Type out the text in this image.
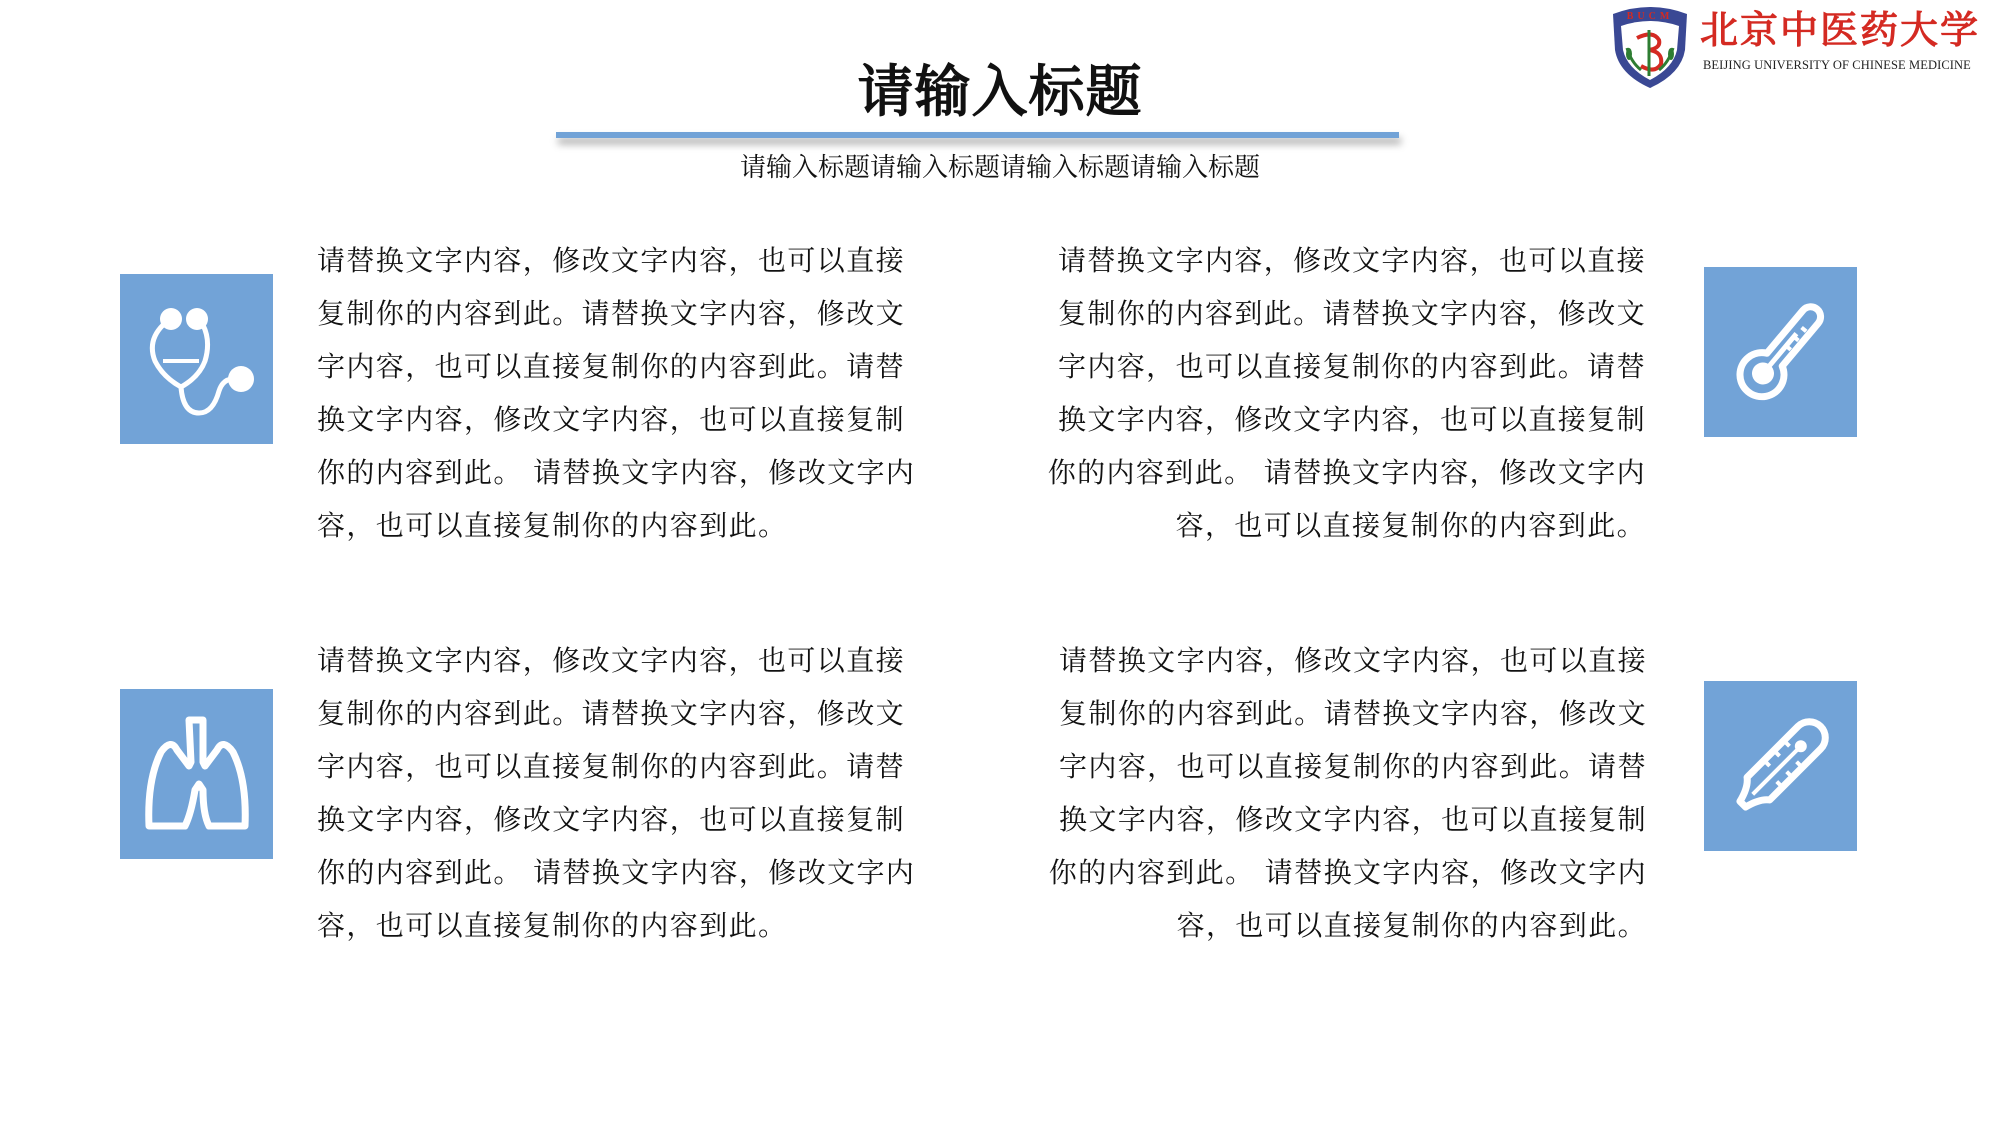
BUCM 北京中医药大学
BEIJING UNIVERSITY OF CHINESE MEDICINE
请输入标题
请输入标题请输入标题请输入标题请输入标题
请替换文字内容，修改文字内容，也可以直接
复制你的内容到此。请替换文字内容，修改文
字内容，也可以直接复制你的内容到此。请替
换文字内容，修改文字内容，也可以直接复制
你的内容到此。 请替换文字内容，修改文字内
容，也可以直接复制你的内容到此。
请替换文字内容，修改文字内容，也可以直接
复制你的内容到此。请替换文字内容，修改文
字内容，也可以直接复制你的内容到此。请替
换文字内容，修改文字内容，也可以直接复制
你的内容到此。 请替换文字内容，修改文字内
容，也可以直接复制你的内容到此。
请替换文字内容，修改文字内容，也可以直接
复制你的内容到此。请替换文字内容，修改文
字内容，也可以直接复制你的内容到此。请替
换文字内容，修改文字内容，也可以直接复制
你的内容到此。 请替换文字内容，修改文字内
容，也可以直接复制你的内容到此。
请替换文字内容，修改文字内容，也可以直接
复制你的内容到此。请替换文字内容，修改文
字内容，也可以直接复制你的内容到此。请替
换文字内容，修改文字内容，也可以直接复制
你的内容到此。 请替换文字内容，修改文字内
容，也可以直接复制你的内容到此。
